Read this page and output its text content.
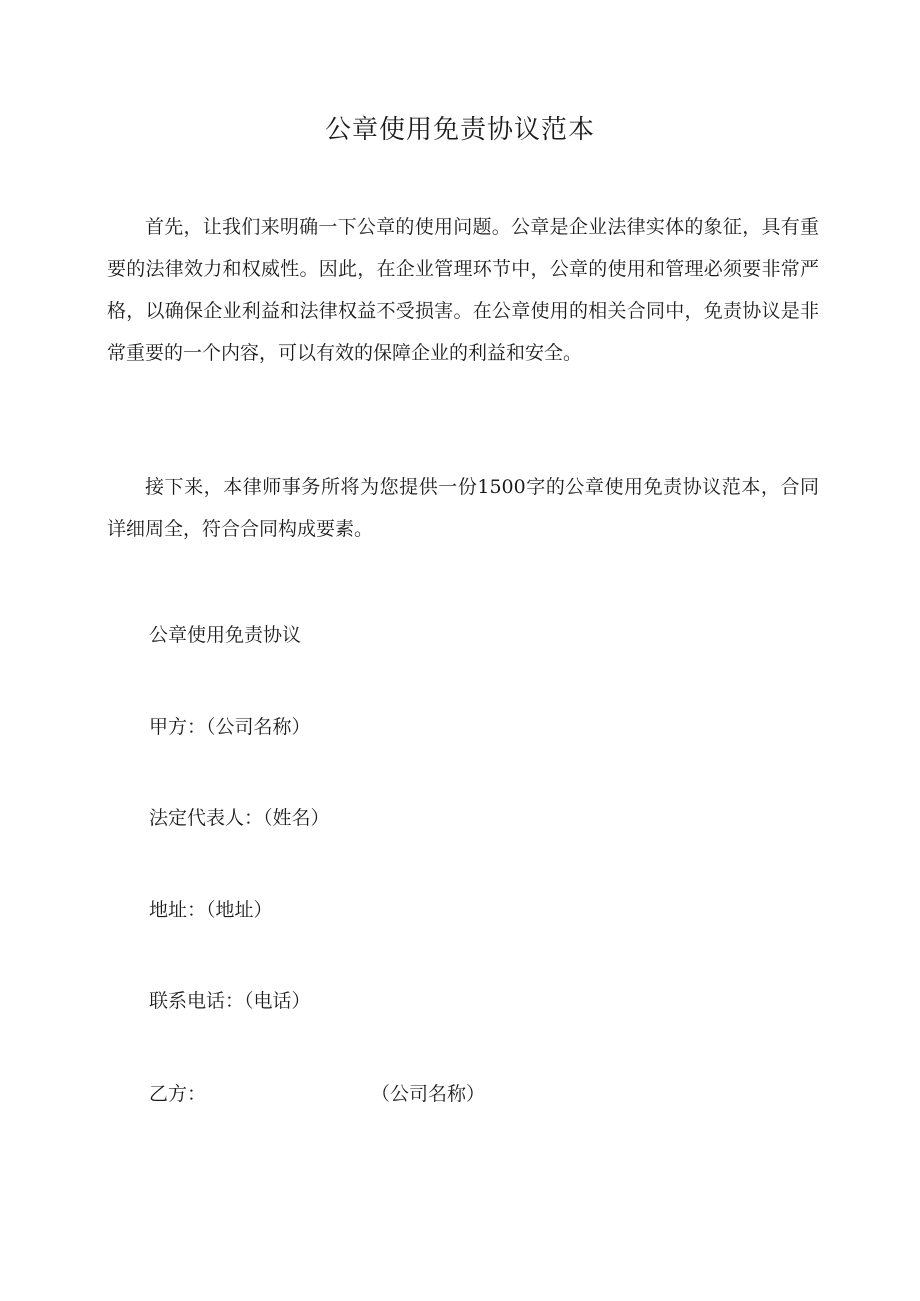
公章使用免责协议范本

首先，让我们来明确一下公章的使用问题。公章是企业法律实体的象征，具有重要的法律效力和权威性。因此，在企业管理环节中，公章的使用和管理必须要非常严格，以确保企业利益和法律权益不受损害。在公章使用的相关合同中，免责协议是非常重要的一个内容，可以有效的保障企业的利益和安全。

接下来，本律师事务所将为您提供一份1500字的公章使用免责协议范本，合同详细周全，符合合同构成要素。

公章使用免责协议

甲方：（公司名称）

法定代表人：（姓名）

地址：（地址）

联系电话：（电话）

乙方：	（公司名称）
